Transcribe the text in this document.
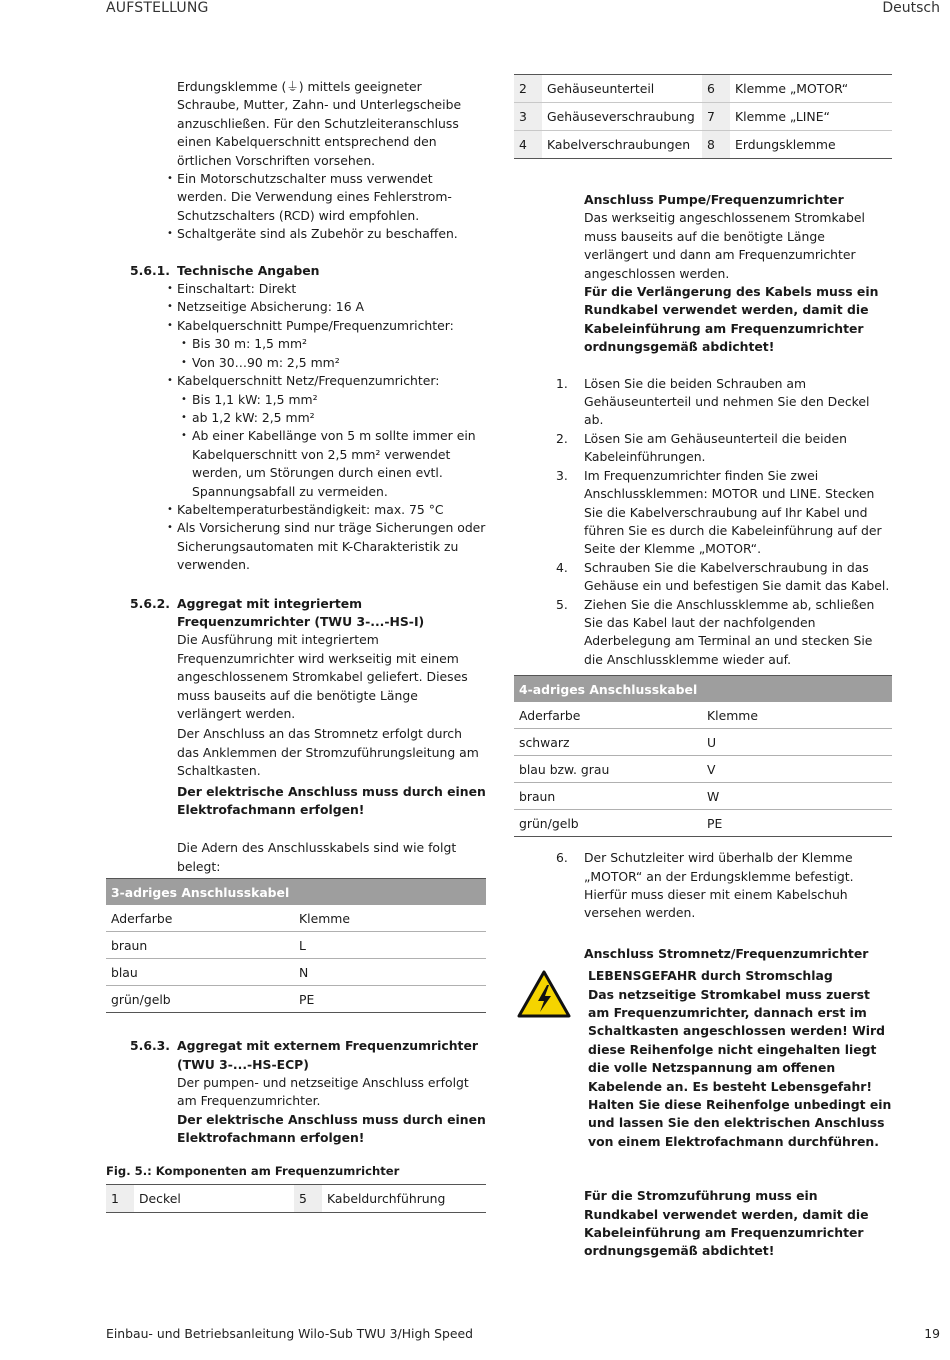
AUFSTELLUNG	Deutsch

Erdungsklemme (⏚) mittels geeigneter Schraube, Mutter, Zahn- und Unterlegscheibe anzuschließen. Für den Schutzleiteranschluss einen Kabelquerschnitt entsprechend den örtlichen Vorschriften vorsehen.

• Ein Motorschutzschalter muss verwendet werden. Die Verwendung eines Fehlerstrom-Schutzschalters (RCD) wird empfohlen.
• Schaltgeräte sind als Zubehör zu beschaffen.
5.6.1. Technische Angaben
• Einschaltart: Direkt
• Netzseitige Absicherung: 16 A
• Kabelquerschnitt Pumpe/Frequenzumrichter:
• Bis 30 m: 1,5 mm²
• Von 30…90 m: 2,5 mm²
• Kabelquerschnitt Netz/Frequenzumrichter:
• Bis 1,1 kW: 1,5 mm²
• ab 1,2 kW: 2,5 mm²
• Ab einer Kabellänge von 5 m sollte immer ein Kabelquerschnitt von 2,5 mm² verwendet werden, um Störungen durch einen evtl. Spannungsabfall zu vermeiden.
• Kabeltemperaturbeständigkeit: max. 75 °C
• Als Vorsicherung sind nur träge Sicherungen oder Sicherungsautomaten mit K-Charakteristik zu verwenden.
5.6.2. Aggregat mit integriertem Frequenzumrichter (TWU 3-...-HS-I)

Die Ausführung mit integriertem Frequenzumrichter wird werkseitig mit einem angeschlossenem Stromkabel geliefert. Dieses muss bauseits auf die benötigte Länge verlängert werden.

Der Anschluss an das Stromnetz erfolgt durch das Anklemmen der Stromzuführungsleitung am Schaltkasten.

Der elektrische Anschluss muss durch einen Elektrofachmann erfolgen!

Die Adern des Anschlusskabels sind wie folgt belegt:

3-adriges Anschlusskabel	
Aderfarbe	Klemme
braun	L
blau	N
grün/gelb	PE
5.6.3. Aggregat mit externem Frequenzumrichter (TWU 3-...-HS-ECP)

Der pumpen- und netzseitige Anschluss erfolgt am Frequenzumrichter.

Der elektrische Anschluss muss durch einen Elektrofachmann erfolgen!

Fig. 5.: Komponenten am Frequenzumrichter

1	Deckel	5	Kabeldurchführung
2	Gehäuseunterteil	6	Klemme „MOTOR“
3	Gehäuseverschraubung	7	Klemme „LINE“
4	Kabelverschraubungen	8	Erdungsklemme

Anschluss Pumpe/Frequenzumrichter

Das werkseitig angeschlossenem Stromkabel muss bauseits auf die benötigte Länge verlängert und dann am Frequenzumrichter angeschlossen werden.

Für die Verlängerung des Kabels muss ein Rundkabel verwendet werden, damit die Kabeleinführung am Frequenzumrichter ordnungsgemäß abdichtet!

1. Lösen Sie die beiden Schrauben am Gehäuseunterteil und nehmen Sie den Deckel ab.
2. Lösen Sie am Gehäuseunterteil die beiden Kabeleinführungen.
3. Im Frequenzumrichter finden Sie zwei Anschlussklemmen: MOTOR und LINE. Stecken Sie die Kabelverschraubung auf Ihr Kabel und führen Sie es durch die Kabeleinführung auf der Seite der Klemme „MOTOR“.
4. Schrauben Sie die Kabelverschraubung in das Gehäuse ein und befestigen Sie damit das Kabel.
5. Ziehen Sie die Anschlussklemme ab, schließen Sie das Kabel laut der nachfolgenden Aderbelegung am Terminal an und stecken Sie die Anschlussklemme wieder auf.
4-adriges Anschlusskabel	
Aderfarbe	Klemme
schwarz	U
blau bzw. grau	V
braun	W
grün/gelb	PE
6. Der Schutzleiter wird überhalb der Klemme „MOTOR“ an der Erdungsklemme befestigt. Hierfür muss dieser mit einem Kabelschuh versehen werden.

Anschluss Stromnetz/Frequenzumrichter

LEBENSGEFAHR durch Stromschlag
Das netzseitige Stromkabel muss zuerst am Frequenzumrichter, dannach erst im Schaltkasten angeschlossen werden! Wird diese Reihenfolge nicht eingehalten liegt die volle Netzspannung am offenen Kabelende an. Es besteht Lebensgefahr! Halten Sie diese Reihenfolge unbedingt ein und lassen Sie den elektrischen Anschluss von einem Elektrofachmann durchführen.

Für die Stromzuführung muss ein Rundkabel verwendet werden, damit die Kabeleinführung am Frequenzumrichter ordnungsgemäß abdichtet!

Einbau- und Betriebsanleitung Wilo-Sub TWU 3/High Speed	19
